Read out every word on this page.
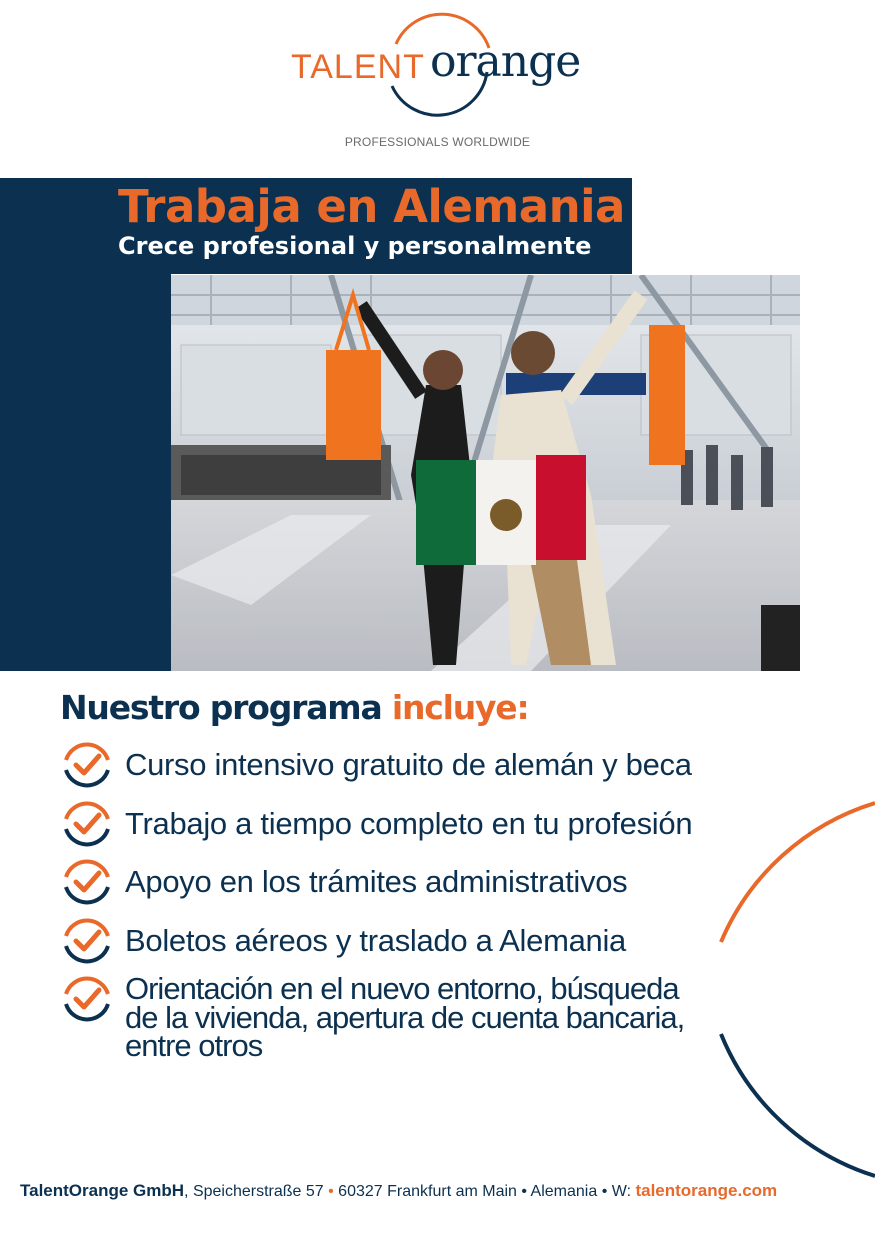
TALENT orange
PROFESSIONALS WORLDWIDE
Trabaja en Alemania
Crece profesional y personalmente
Nuestro programa incluye:
Curso intensivo gratuito de alemán y beca
Trabajo a tiempo completo en tu profesión
Apoyo en los trámites administrativos
Boletos aéreos y traslado a Alemania
Orientación en el nuevo entorno, búsqueda de la vivienda, apertura de cuenta bancaria, entre otros
TalentOrange GmbH, Speicherstraße 57 • 60327 Frankfurt am Main • Alemania • W: talentorange.com
